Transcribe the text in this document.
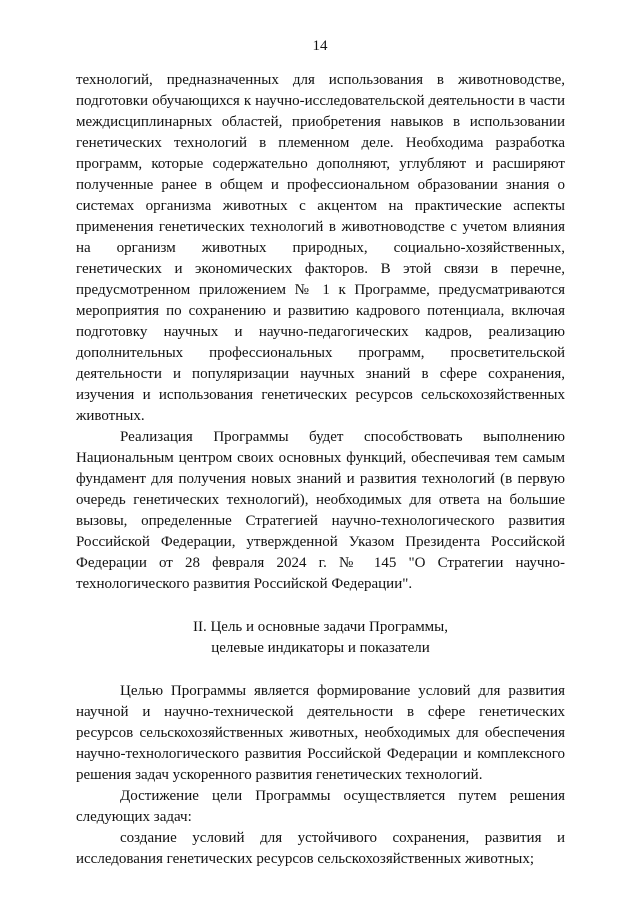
14

технологий, предназначенных для использования в животноводстве, подготовки обучающихся к научно-исследовательской деятельности в части междисциплинарных областей, приобретения навыков в использовании генетических технологий в племенном деле. Необходима разработка программ, которые содержательно дополняют, углубляют и расширяют полученные ранее в общем и профессиональном образовании знания о системах организма животных с акцентом на практические аспекты применения генетических технологий в животноводстве с учетом влияния на организм животных природных, социально-хозяйственных, генетических и экономических факторов. В этой связи в перечне, предусмотренном приложением № 1 к Программе, предусматриваются мероприятия по сохранению и развитию кадрового потенциала, включая подготовку научных и научно-педагогических кадров, реализацию дополнительных профессиональных программ, просветительской деятельности и популяризации научных знаний в сфере сохранения, изучения и использования генетических ресурсов сельскохозяйственных животных.

Реализация Программы будет способствовать выполнению Национальным центром своих основных функций, обеспечивая тем самым фундамент для получения новых знаний и развития технологий (в первую очередь генетических технологий), необходимых для ответа на большие вызовы, определенные Стратегией научно-технологического развития Российской Федерации, утвержденной Указом Президента Российской Федерации от 28 февраля 2024 г. № 145 "О Стратегии научно-технологического развития Российской Федерации".

II. Цель и основные задачи Программы,
целевые индикаторы и показатели

Целью Программы является формирование условий для развития научной и научно-технической деятельности в сфере генетических ресурсов сельскохозяйственных животных, необходимых для обеспечения научно-технологического развития Российской Федерации и комплексного решения задач ускоренного развития генетических технологий.

Достижение цели Программы осуществляется путем решения следующих задач:

создание условий для устойчивого сохранения, развития и исследования генетических ресурсов сельскохозяйственных животных;
